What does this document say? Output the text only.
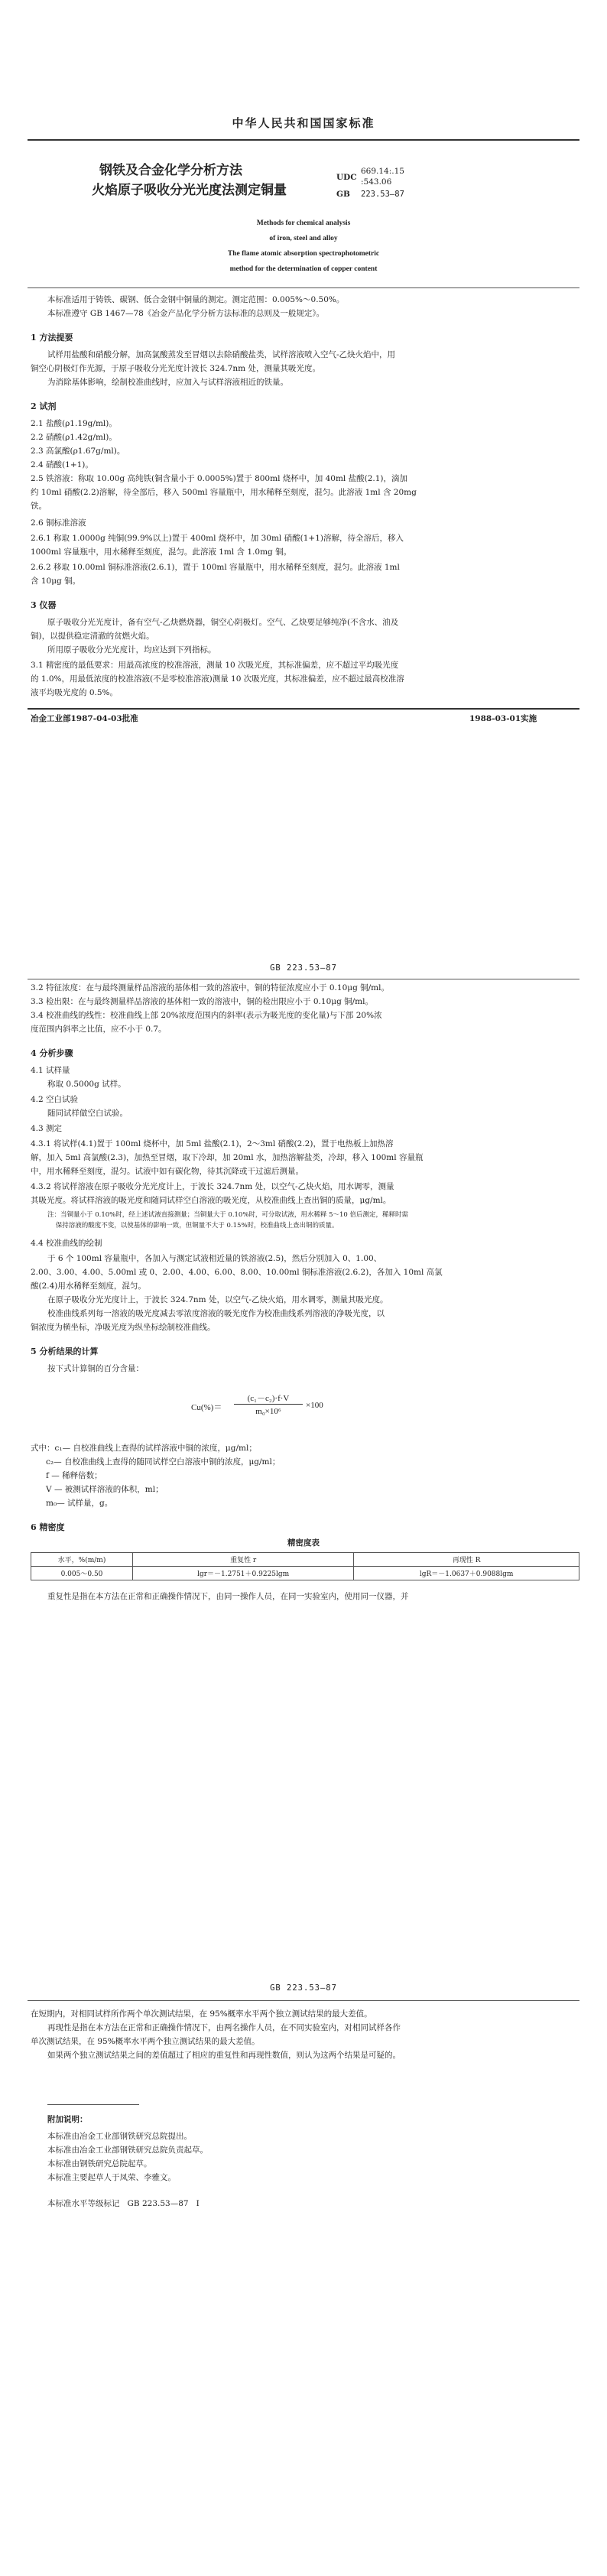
中华人民共和国国家标准
钢铁及合金化学分析方法
火焰原子吸收分光光度法测定铜量
UDC
669.14:.15
:543.06
GB 223.53—87
Methods for chemical analysis
of iron, steel and alloy
The flame atomic absorption spectrophotometric
method for the determination of copper content
本标准适用于铸铁、碳钢、低合金钢中铜量的测定。测定范围：0.005%～0.50%。
本标准遵守 GB 1467—78《冶金产品化学分析方法标准的总则及一般规定》。
1 方法提要
试样用盐酸和硝酸分解，加高氯酸蒸发至冒烟以去除硝酸盐类，试样溶液喷入空气-乙炔火焰中，用
铜空心阴极灯作光源，于原子吸收分光光度计波长 324.7nm 处，测量其吸光度。
为消除基体影响，绘制校准曲线时，应加入与试样溶液相近的铁量。
2 试剂
2.1 盐酸(ρ1.19g/ml)。
2.2 硝酸(ρ1.42g/ml)。
2.3 高氯酸(ρ1.67g/ml)。
2.4 硝酸(1+1)。
2.5 铁溶液：称取 10.00g 高纯铁(铜含量小于 0.0005%)置于 800ml 烧杯中，加 40ml 盐酸(2.1)，滴加
约 10ml 硝酸(2.2)溶解，待全部后，移入 500ml 容量瓶中，用水稀释至刻度，混匀。此溶液 1ml 含 20mg
铁。
2.6 铜标准溶液
2.6.1 称取 1.0000g 纯铜(99.9%以上)置于 400ml 烧杯中，加 30ml 硝酸(1+1)溶解，待全溶后，移入
1000ml 容量瓶中，用水稀释至刻度，混匀。此溶液 1ml 含 1.0mg 铜。
2.6.2 移取 10.00ml 铜标准溶液(2.6.1)，置于 100ml 容量瓶中，用水稀释至刻度，混匀。此溶液 1ml
含 10μg 铜。
3 仪器
原子吸收分光光度计，备有空气-乙炔燃烧器，铜空心阴极灯。空气、乙炔要足够纯净(不含水、油及
铜)，以提供稳定清澈的贫燃火焰。
所用原子吸收分光光度计，均应达到下列指标。
3.1 精密度的最低要求：用最高浓度的校准溶液，测量 10 次吸光度，其标准偏差，应不超过平均吸光度
的 1.0%，用最低浓度的校准溶液(不是零校准溶液)测量 10 次吸光度，其标准偏差，应不超过最高校准溶
液平均吸光度的 0.5%。
冶金工业部1987-04-03批准	1988-03-01实施
GB 223.53—87
3.2 特征浓度：在与最终测量样品溶液的基体相一致的溶液中，铜的特征浓度应小于 0.10μg 铜/ml。
3.3 检出限：在与最终测量样品溶液的基体相一致的溶液中，铜的检出限应小于 0.10μg 铜/ml。
3.4 校准曲线的线性：校准曲线上部 20%浓度范围内的斜率(表示为吸光度的变化量)与下部 20%浓
度范围内斜率之比值，应不小于 0.7。
4 分析步骤
4.1 试样量
称取 0.5000g 试样。
4.2 空白试验
随同试样做空白试验。
4.3 测定
4.3.1 将试样(4.1)置于 100ml 烧杯中，加 5ml 盐酸(2.1)，2～3ml 硝酸(2.2)，置于电热板上加热溶
解，加入 5ml 高氯酸(2.3)，加热至冒烟，取下冷却，加 20ml 水，加热溶解盐类，冷却，移入 100ml 容量瓶
中，用水稀释至刻度，混匀。试液中如有碳化物，待其沉降或干过滤后测量。
4.3.2 将试样溶液在原子吸收分光光度计上，于波长 324.7nm 处，以空气-乙炔火焰，用水调零，测量
其吸光度。将试样溶液的吸光度和随同试样空白溶液的吸光度，从校准曲线上查出铜的质量，μg/ml。
注：当铜量小于 0.10%时，经上述试液直接测量；当铜量大于 0.10%时，可分取试液，用水稀释 5～10 倍后测定，稀释时需
保持溶液的酸度不变，以使基体的影响一致，但铜量不大于 0.15%时，校准曲线上查出铜的质量。
4.4 校准曲线的绘制
于 6 个 100ml 容量瓶中，各加入与测定试液相近量的铁溶液(2.5)，然后分别加入 0、1.00、
2.00、3.00、4.00、5.00ml 或 0、2.00、4.00、6.00、8.00、10.00ml 铜标准溶液(2.6.2)，各加入 10ml 高氯
酸(2.4)用水稀释至刻度，混匀。
在原子吸收分光光度计上，于波长 324.7nm 处，以空气-乙炔火焰，用水调零，测量其吸光度。
校准曲线系列每一溶液的吸光度减去零浓度溶液的吸光度作为校准曲线系列溶液的净吸光度，以
铜浓度为横坐标，净吸光度为纵坐标绘制校准曲线。
5 分析结果的计算
按下式计算铜的百分含量：
Cu(%)＝
(c₁－c₂)·f·V
m₀×10⁶
×100
式中：c₁— 自校准曲线上查得的试样溶液中铜的浓度，μg/ml；
c₂— 自校准曲线上查得的随同试样空白溶液中铜的浓度，μg/ml；
f — 稀释倍数；
V — 被测试样溶液的体积，ml；
m₀— 试样量，g。
6 精密度
精密度表
水平，%(m/m)	重复性 r	再现性 R
0.005～0.50	lgr＝－1.2751＋0.9225lgm	lgR＝－1.0637＋0.9088lgm
重复性是指在本方法在正常和正确操作情况下，由同一操作人员，在同一实验室内，使用同一仪器，并
GB 223.53—87
在短期内，对相同试样所作两个单次测试结果，在 95%概率水平两个独立测试结果的最大差值。
再现性是指在本方法在正常和正确操作情况下，由两名操作人员，在不同实验室内，对相同试样各作
单次测试结果，在 95%概率水平两个独立测试结果的最大差值。
如果两个独立测试结果之间的差值超过了相应的重复性和再现性数值，则认为这两个结果是可疑的。
附加说明：
本标准由冶金工业部钢铁研究总院提出。
本标准由冶金工业部钢铁研究总院负责起草。
本标准由钢铁研究总院起草。
本标准主要起草人于凤荣、李雅文。
本标准水平等级标记   GB 223.53—87   Ⅰ
